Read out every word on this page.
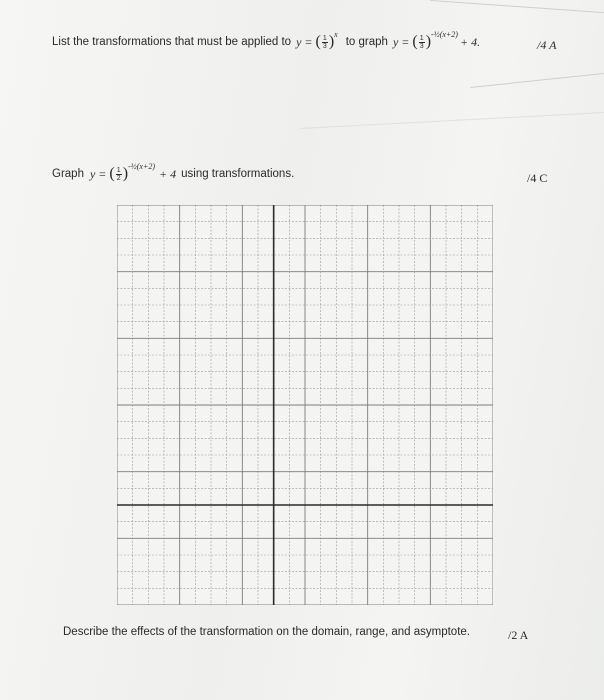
List the transformations that must be applied to y = ( $\frac{1}{3}$ ) x
to graph y = ( $\frac{1}{3}$ ) -½(x+2)
+ 4.	/4 A
Graph y = ( $\frac{1}{2}$ ) -½(x+2)
+ 4 using transformations.	/4 C
Describe the effects of the transformation on the domain, range, and asymptote.	/2 A
